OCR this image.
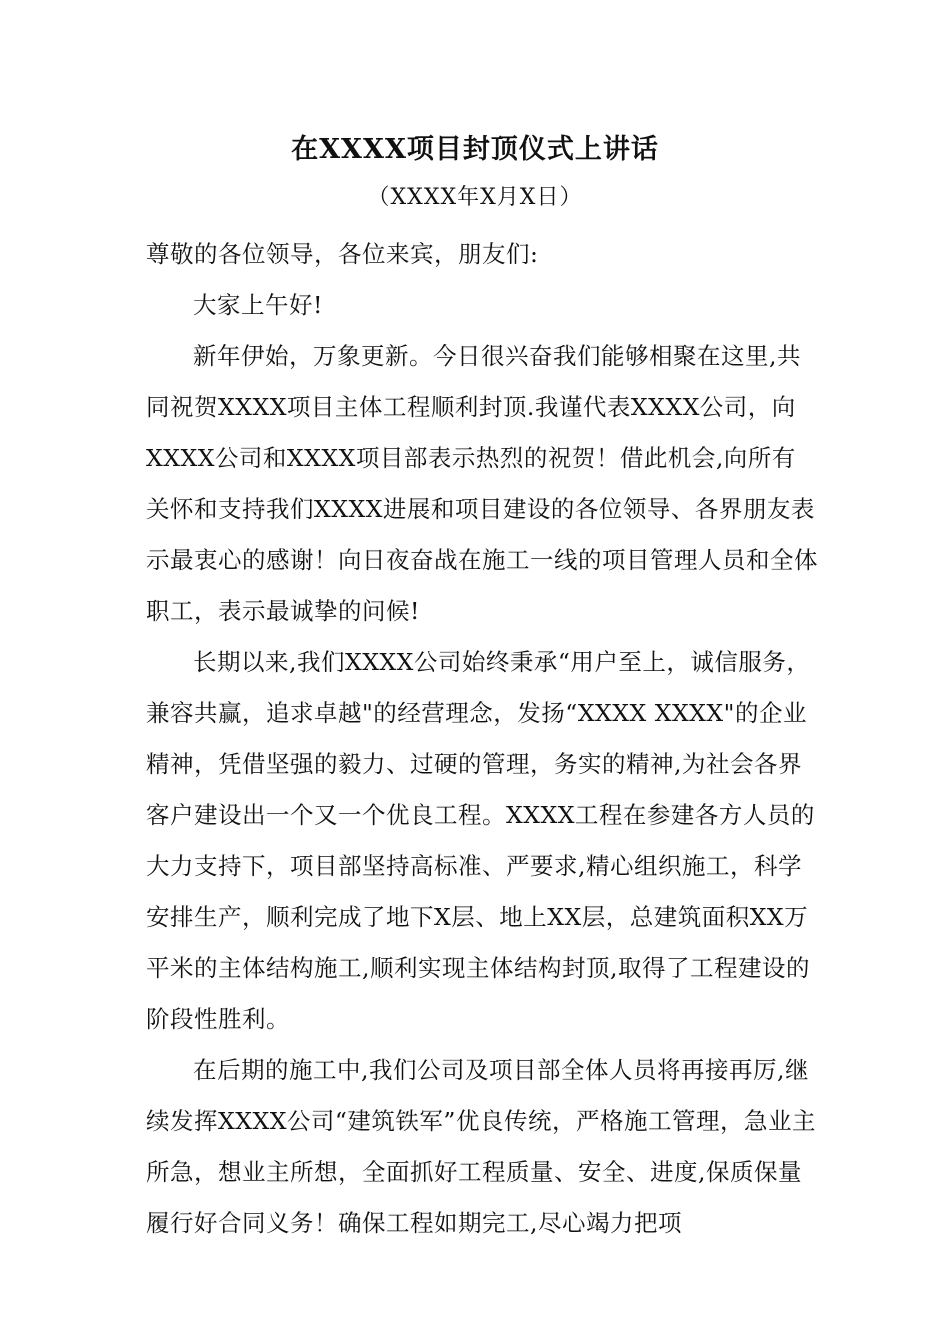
在XXXX项目封顶仪式上讲话
（XXXX年X月X日）

尊敬的各位领导，各位来宾，朋友们:

大家上午好!

新年伊始，万象更新。今日很兴奋我们能够相聚在这里,共同祝贺XXXX项目主体工程顺利封顶.我谨代表XXXX公司，向XXXX公司和XXXX项目部表示热烈的祝贺！借此机会,向所有关怀和支持我们XXXX进展和项目建设的各位领导、各界朋友表示最衷心的感谢！向日夜奋战在施工一线的项目管理人员和全体职工，表示最诚挚的问候!

长期以来,我们XXXX公司始终秉承“用户至上，诚信服务，兼容共赢，追求卓越"的经营理念，发扬“XXXX XXXX"的企业精神，凭借坚强的毅力、过硬的管理，务实的精神,为社会各界客户建设出一个又一个优良工程。XXXX工程在参建各方人员的大力支持下，项目部坚持高标准、严要求,精心组织施工，科学安排生产，顺利完成了地下X层、地上XX层，总建筑面积XX万平米的主体结构施工,顺利实现主体结构封顶,取得了工程建设的阶段性胜利。

在后期的施工中,我们公司及项目部全体人员将再接再厉,继续发挥XXXX公司“建筑铁军”优良传统，严格施工管理，急业主所急，想业主所想，全面抓好工程质量、安全、进度,保质保量履行好合同义务！确保工程如期完工,尽心竭力把项
